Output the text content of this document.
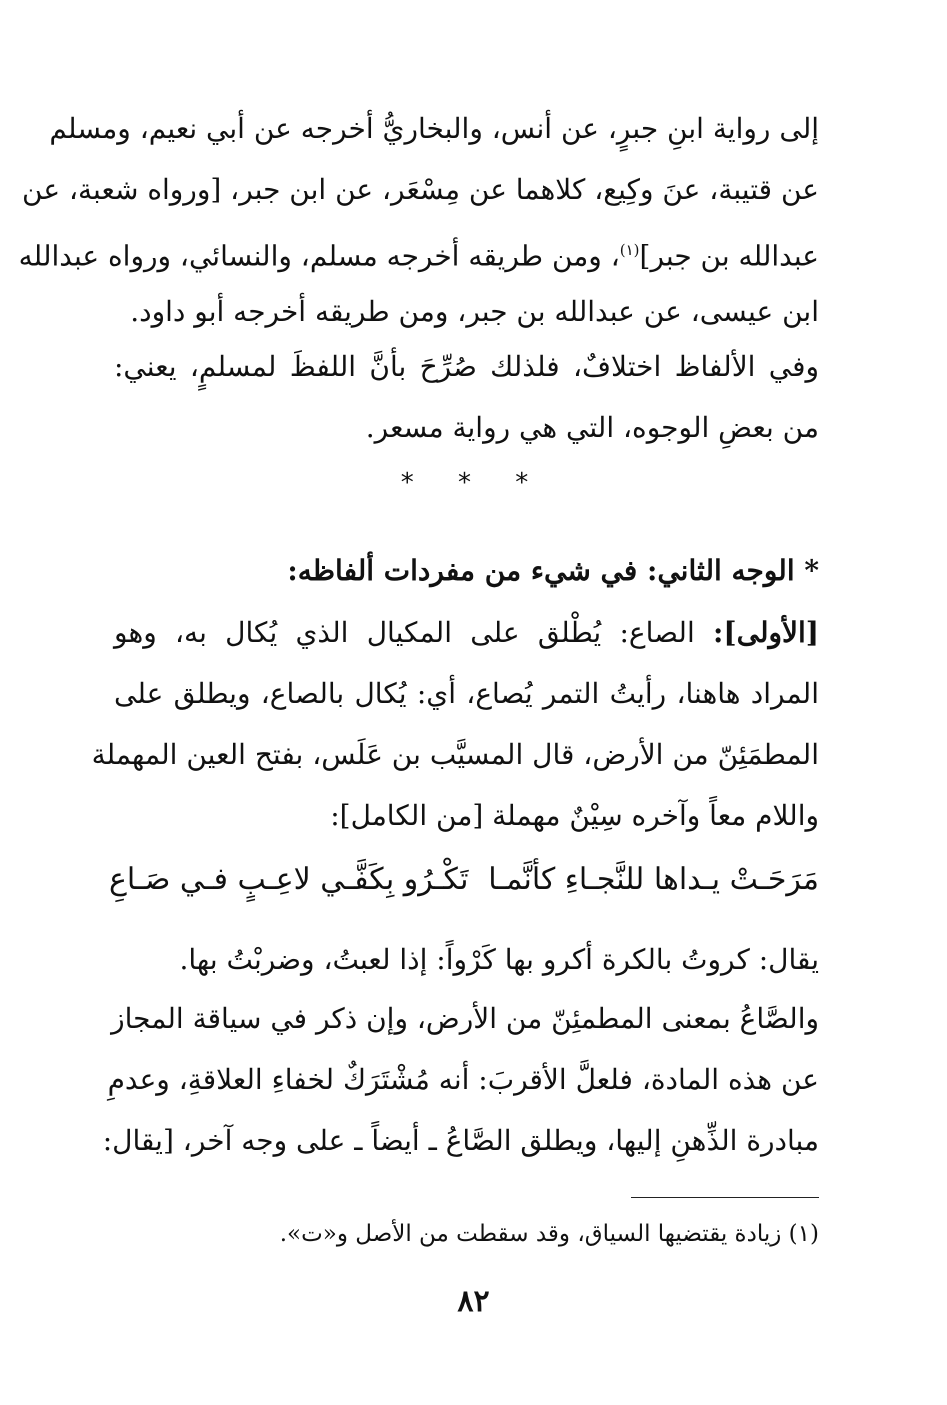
إلى رواية ابنِ جبرٍ، عن أنس، والبخاريُّ أخرجه عن أبي نعيم، ومسلم
عن قتيبة، عنَ وكِيع، كلاهما عن مِسْعَر، عن ابن جبر، [ورواه شعبة، عن
عبدالله بن جبر]$^{(١)}$، ومن طريقه أخرجه مسلم، والنسائي، ورواه عبدالله
ابن عيسى، عن عبدالله بن جبر، ومن طريقه أخرجه أبو داود.
وفي الألفاظ اختلافٌ، فلذلك صُرِّحَ بأنَّ اللفظَ لمسلمٍ، يعني:
من بعضِ الوجوه، التي هي رواية مسعر.
* * *
* الوجه الثاني: في شيء من مفردات ألفاظه:
[الأولى]: الصاع: يُطْلق على المكيال الذي يُكال به، وهو
المراد هاهنا، رأيتُ التمر يُصاع، أي: يُكال بالصاع، ويطلق على
المطمَئِنّ من الأرض، قال المسيَّب بن عَلَس، بفتح العين المهملة
واللام معاً وآخره سِيْنٌ مهملة [من الكامل]:
مَرَحَـتْ يـداها للنَّجـاءِ كأنَّمـا
تَكْـرُو بِكَفَّـي لاعِـبٍ فـي صَـاعِ
يقال: كروتُ بالكرة أكرو بها كَرْواً: إذا لعبتُ، وضربْتُ بها.
والصَّاعُ بمعنى المطمئِنّ من الأرض، وإن ذكر في سياقة المجاز
عن هذه المادة، فلعلَّ الأقربَ: أنه مُشْتَرَكٌ لخفاءِ العلاقةِ، وعدمِ
مبادرة الذِّهنِ إليها، ويطلق الصَّاعُ ـ أيضاً ـ على وجه آخر، [يقال:
(١) زيادة يقتضيها السياق، وقد سقطت من الأصل و«ت».
٨٢
